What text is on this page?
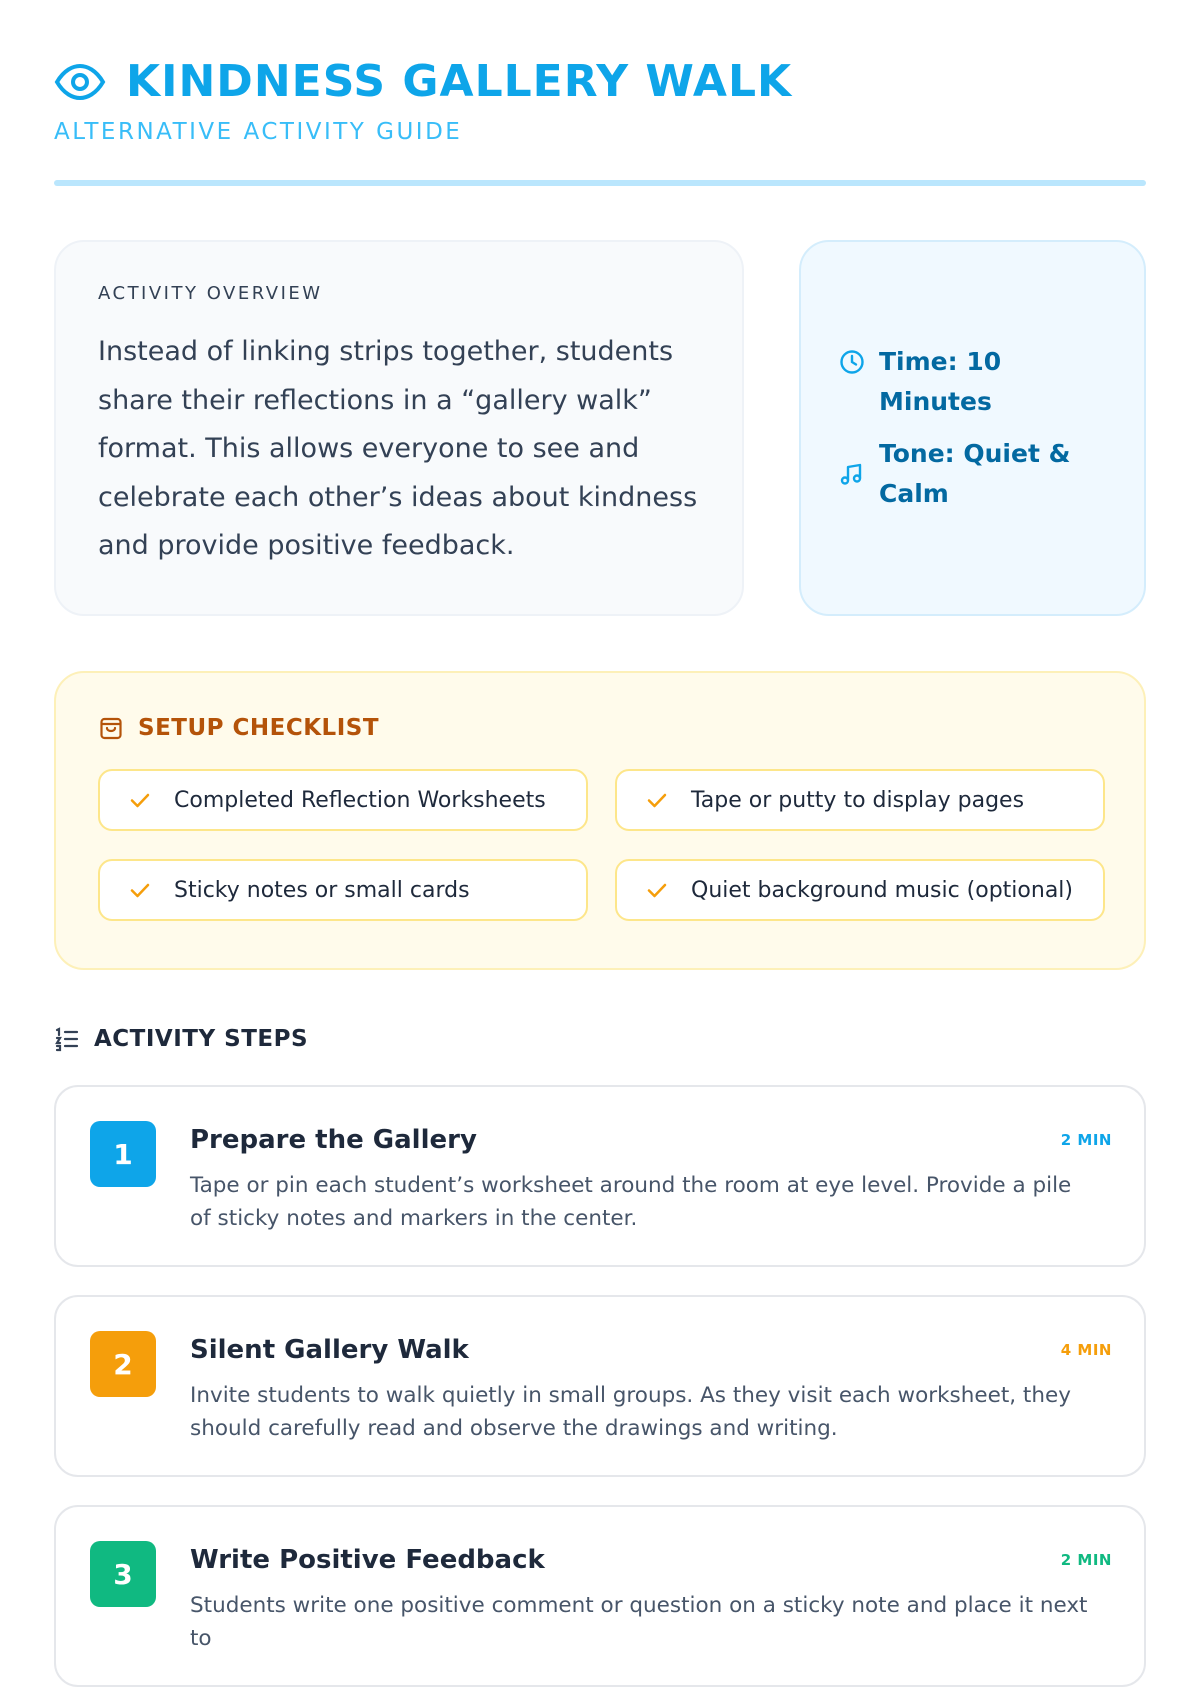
KINDNESS GALLERY WALK
ALTERNATIVE ACTIVITY GUIDE
ACTIVITY OVERVIEW

Instead of linking strips together, students share their reflections in a “gallery walk” format. This allows everyone to see and celebrate each other’s ideas about kindness and provide positive feedback.

Time: 10 Minutes
Tone: Quiet & Calm
SETUP CHECKLIST
Completed Reflection Worksheets	Tape or putty to display pages
Sticky notes or small cards	Quiet background music (optional)
ACTIVITY STEPS
1	Prepare the Gallery	2 MIN
Tape or pin each student’s worksheet around the room at eye level. Provide a pile of sticky notes and markers in the center.
2	Silent Gallery Walk	4 MIN
Invite students to walk quietly in small groups. As they visit each worksheet, they should carefully read and observe the drawings and writing.
3	Write Positive Feedback	2 MIN
Students write one positive comment or question on a sticky note and place it next to
